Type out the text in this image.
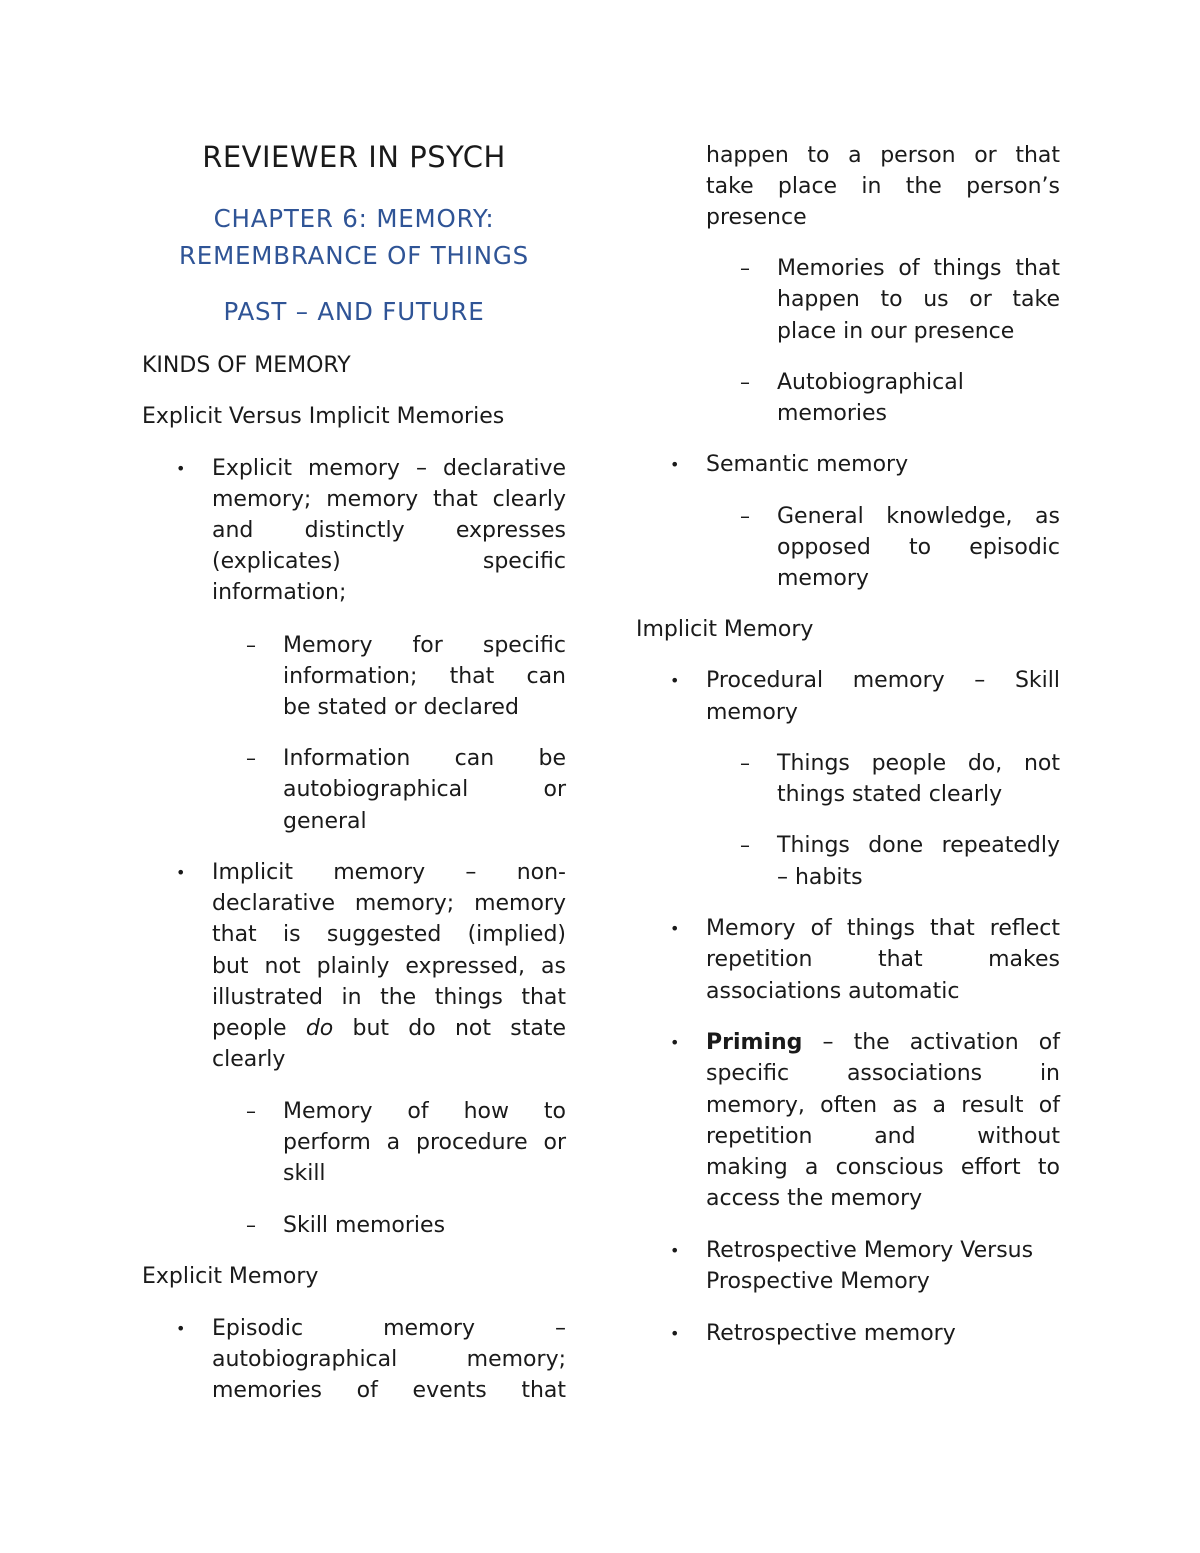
REVIEWER IN PSYCH
CHAPTER 6: MEMORY:
REMEMBRANCE OF THINGS
PAST – AND FUTURE
KINDS OF MEMORY
Explicit Versus Implicit Memories
• Explicit memory – declarative
memory; memory that clearly
and distinctly expresses
(explicates) specific
information;
– Memory for specific
information; that can
be stated or declared
– Information can be
autobiographical or
general
• Implicit memory – non-
declarative memory; memory
that is suggested (implied)
but not plainly expressed, as
illustrated in the things that
people do but do not state
clearly
– Memory of how to
perform a procedure or
skill
– Skill memories
Explicit Memory
• Episodic memory –
autobiographical memory;
memories of events that
happen to a person or that
take place in the person’s
presence
– Memories of things that
happen to us or take
place in our presence
– Autobiographical
memories
• Semantic memory
– General knowledge, as
opposed to episodic
memory
Implicit Memory
• Procedural memory – Skill
memory
– Things people do, not
things stated clearly
– Things done repeatedly
– habits
• Memory of things that reflect
repetition that makes
associations automatic
• Priming – the activation of
specific associations in
memory, often as a result of
repetition and without
making a conscious effort to
access the memory
• Retrospective Memory Versus
Prospective Memory
• Retrospective memory
